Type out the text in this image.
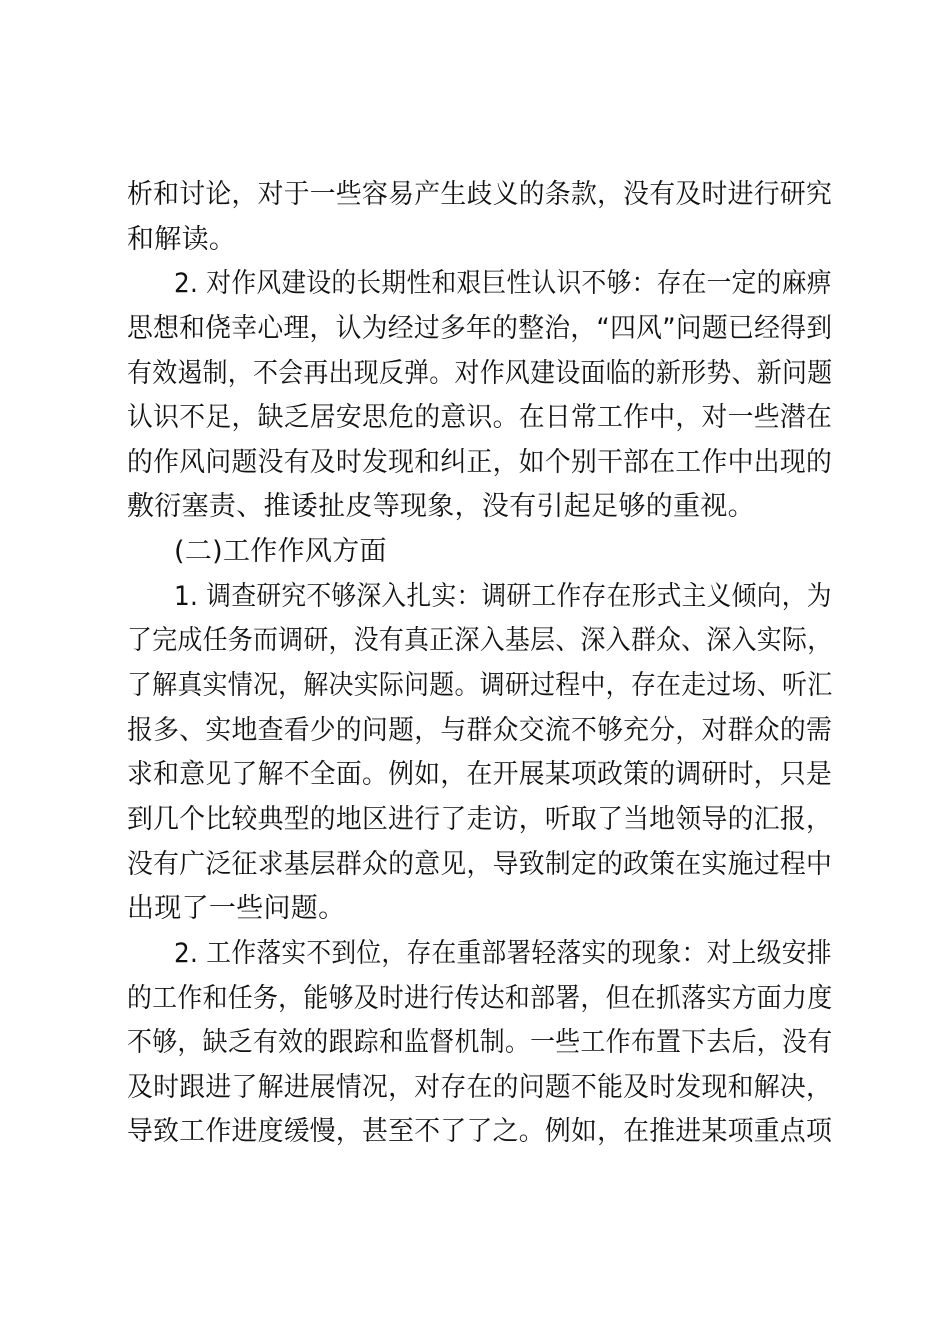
析和讨论，对于一些容易产生歧义的条款，没有及时进行研究
和解读。
2. 对作风建设的长期性和艰巨性认识不够：存在一定的麻痹
思想和侥幸心理，认为经过多年的整治，“四风”问题已经得到
有效遏制，不会再出现反弹。对作风建设面临的新形势、新问题
认识不足，缺乏居安思危的意识。在日常工作中，对一些潜在
的作风问题没有及时发现和纠正，如个别干部在工作中出现的
敷衍塞责、推诿扯皮等现象，没有引起足够的重视。
(二)工作作风方面
1. 调查研究不够深入扎实：调研工作存在形式主义倾向，为
了完成任务而调研，没有真正深入基层、深入群众、深入实际，
了解真实情况，解决实际问题。调研过程中，存在走过场、听汇
报多、实地查看少的问题，与群众交流不够充分，对群众的需
求和意见了解不全面。例如，在开展某项政策的调研时，只是
到几个比较典型的地区进行了走访，听取了当地领导的汇报，
没有广泛征求基层群众的意见，导致制定的政策在实施过程中
出现了一些问题。
2. 工作落实不到位，存在重部署轻落实的现象：对上级安排
的工作和任务，能够及时进行传达和部署，但在抓落实方面力度
不够，缺乏有效的跟踪和监督机制。一些工作布置下去后，没有
及时跟进了解进展情况，对存在的问题不能及时发现和解决，
导致工作进度缓慢，甚至不了了之。例如，在推进某项重点项
